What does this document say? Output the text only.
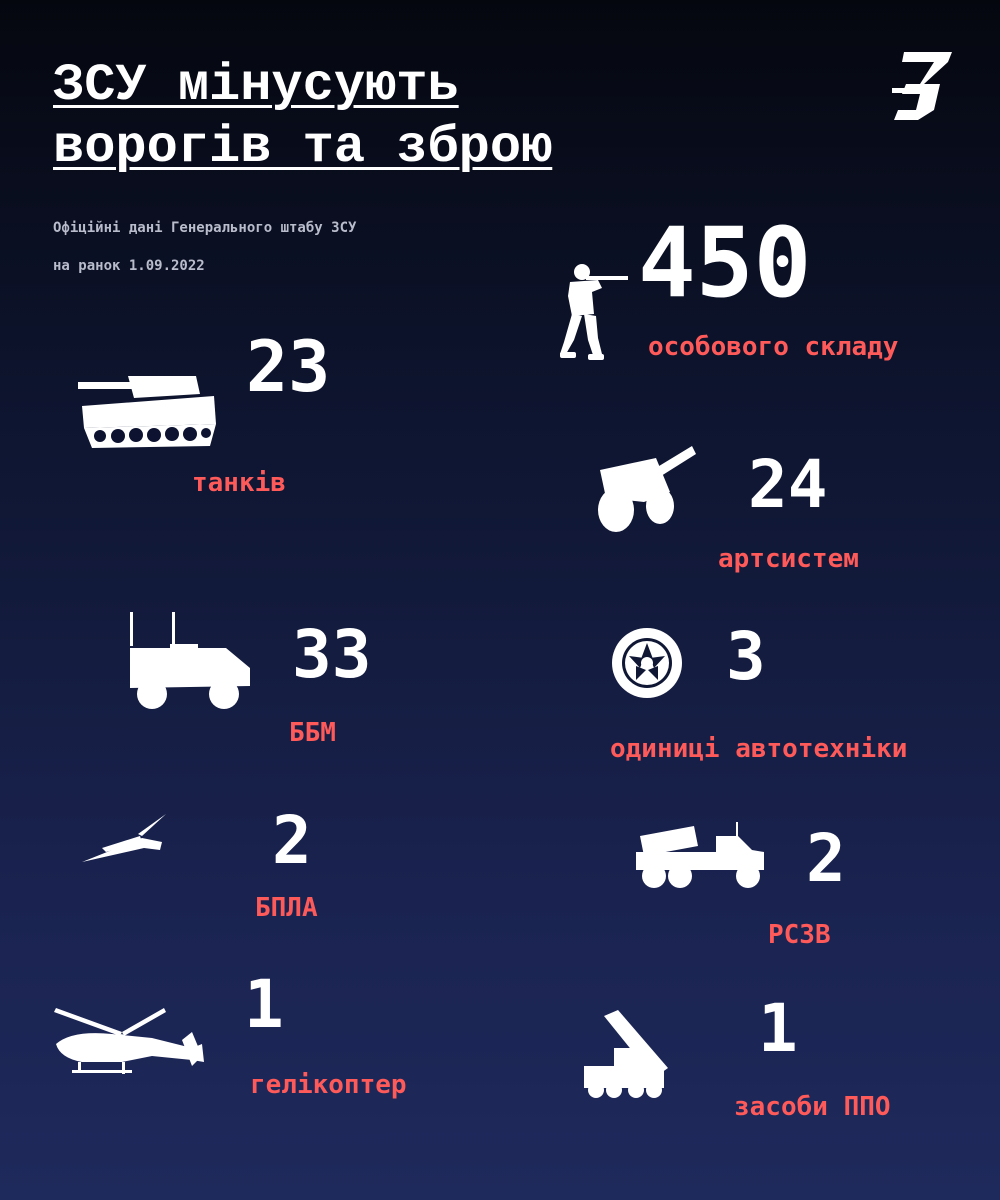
ЗСУ мінусують
ворогів та зброю
Офіційні дані Генерального штабу ЗСУ
на ранок 1.09.2022	450
особового складу
23
танків	24
артсистем
33
ББМ
3
одиниці автотехніки
2
БПЛА
2
РСЗВ
1
гелікоптер
1
засоби ППО
